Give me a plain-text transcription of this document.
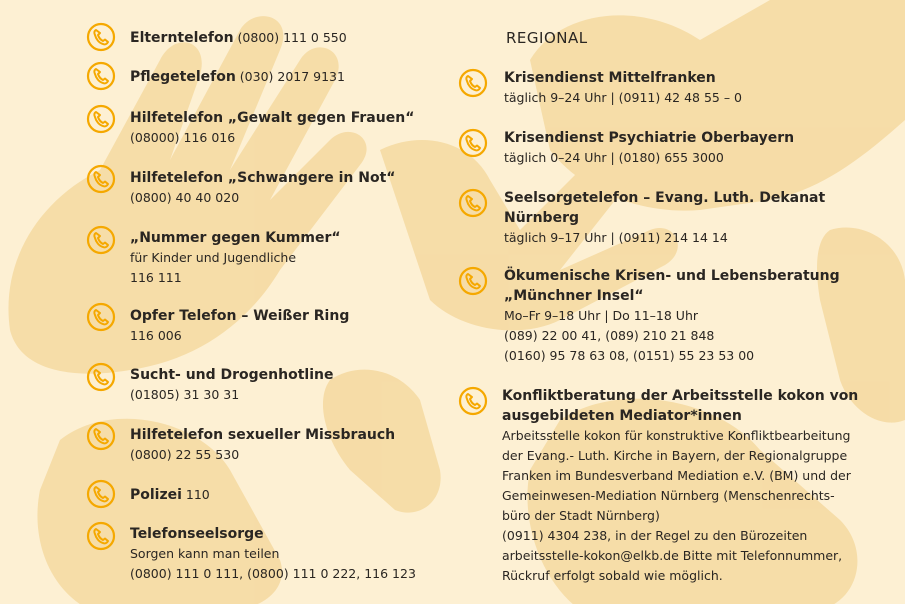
Elterntelefon (0800) 111 0 550
Pflegetelefon (030) 2017 9131
Hilfetelefon „Gewalt gegen Frauen“
(08000) 116 016
Hilfetelefon „Schwangere in Not“
(0800) 40 40 020
„Nummer gegen Kummer“
für Kinder und Jugendliche
116 111
Opfer Telefon – Weißer Ring
116 006
Sucht- und Drogenhotline
(01805) 31 30 31
Hilfetelefon sexueller Missbrauch
(0800) 22 55 530
Polizei 110
Telefonseelsorge
Sorgen kann man teilen
(0800) 111 0 111, (0800) 111 0 222, 116 123
REGIONAL
Krisendienst Mittelfranken
täglich 9–24 Uhr | (0911) 42 48 55 – 0
Krisendienst Psychiatrie Oberbayern
täglich 0–24 Uhr | (0180) 655 3000
Seelsorgetelefon – Evang. Luth. Dekanat
Nürnberg
täglich 9–17 Uhr | (0911) 214 14 14
Ökumenische Krisen- und Lebensberatung
„Münchner Insel“
Mo–Fr 9–18 Uhr | Do 11–18 Uhr
(089) 22 00 41, (089) 210 21 848
(0160) 95 78 63 08, (0151) 55 23 53 00
Konfliktberatung der Arbeitsstelle kokon von
ausgebildeten Mediator*innen
Arbeitsstelle kokon für konstruktive Konfliktbearbeitung
der Evang.- Luth. Kirche in Bayern, der Regionalgruppe
Franken im Bundesverband Mediation e.V. (BM) und der
Gemeinwesen-Mediation Nürnberg (Menschenrechts-
büro der Stadt Nürnberg)
(0911) 4304 238, in der Regel zu den Bürozeiten
arbeitsstelle-kokon@elkb.de Bitte mit Telefonnummer,
Rückruf erfolgt sobald wie möglich.
